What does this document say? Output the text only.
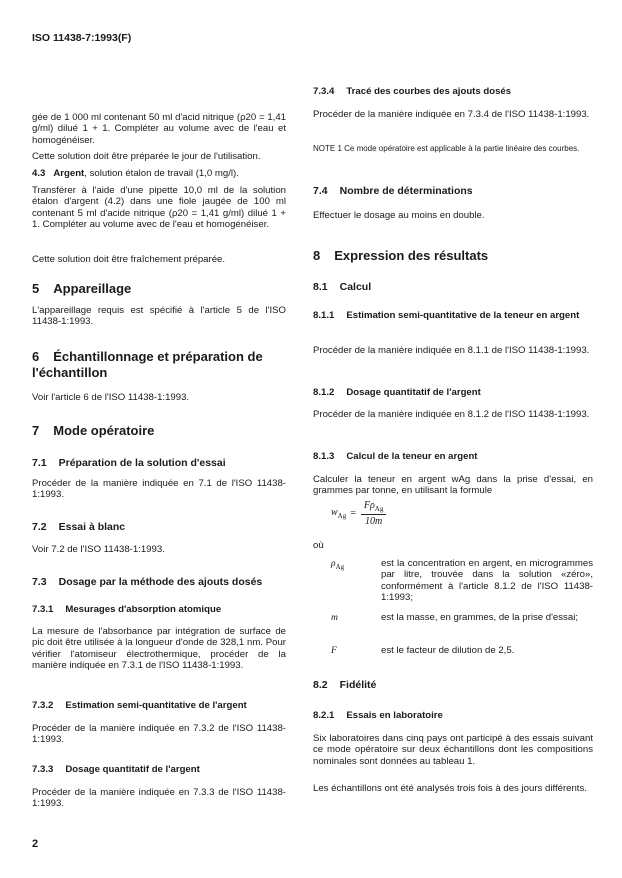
ISO 11438-7:1993(F)
gée de 1 000 ml contenant 50 ml d'acid nitrique (ρ20 = 1,41 g/ml) dilué 1 + 1. Compléter au volume avec de l'eau et homogénéiser.
Cette solution doit être préparée le jour de l'utilisation.
4.3 Argent, solution étalon de travail (1,0 mg/l).
Transférer à l'aide d'une pipette 10,0 ml de la solution étalon d'argent (4.2) dans une fiole jaugée de 100 ml contenant 5 ml d'acide nitrique (ρ20 = 1,41 g/ml) dilué 1 + 1. Compléter au volume avec de l'eau et homogénéiser.
Cette solution doit être fraîchement préparée.
5 Appareillage
L'appareillage requis est spécifié à l'article 5 de l'ISO 11438-1:1993.
6 Échantillonnage et préparation de l'échantillon
Voir l'article 6 de l'ISO 11438-1:1993.
7 Mode opératoire
7.1 Préparation de la solution d'essai
Procéder de la manière indiquée en 7.1 de l'ISO 11438-1:1993.
7.2 Essai à blanc
Voir 7.2 de l'ISO 11438-1:1993.
7.3 Dosage par la méthode des ajouts dosés
7.3.1 Mesurages d'absorption atomique
La mesure de l'absorbance par intégration de surface de pic doit être utilisée à la longueur d'onde de 328,1 nm. Pour vérifier l'atomiseur électrothermique, procéder de la manière indiquée en 7.3.1 de l'ISO 11438-1:1993.
7.3.2 Estimation semi-quantitative de l'argent
Procéder de la manière indiquée en 7.3.2 de l'ISO 11438-1:1993.
7.3.3 Dosage quantitatif de l'argent
Procéder de la manière indiquée en 7.3.3 de l'ISO 11438-1:1993.
2
7.3.4 Tracé des courbes des ajouts dosés
Procéder de la manière indiquée en 7.3.4 de l'ISO 11438-1:1993.
NOTE 1 Ce mode opératoire est applicable à la partie linéaire des courbes.
7.4 Nombre de déterminations
Effectuer le dosage au moins en double.
8 Expression des résultats
8.1 Calcul
8.1.1 Estimation semi-quantitative de la teneur en argent
Procéder de la manière indiquée en 8.1.1 de l'ISO 11438-1:1993.
8.1.2 Dosage quantitatif de l'argent
Procéder de la manière indiquée en 8.1.2 de l'ISO 11438-1:1993.
8.1.3 Calcul de la teneur en argent
Calculer la teneur en argent wAg dans la prise d'essai, en grammes par tonne, en utilisant la formule
$w_{Ag} = \frac{F\rho_{Ag}}{10m}$
où
$\rho_{Ag}$	est la concentration en argent, en microgrammes par litre, trouvée dans la solution «zéro», conformément à l'article 8.1.2 de l'ISO 11438-1:1993;
m	est la masse, en grammes, de la prise d'essai;
F	est le facteur de dilution de 2,5.
8.2 Fidélité
8.2.1 Essais en laboratoire
Six laboratoires dans cinq pays ont participé à des essais suivant ce mode opératoire sur deux échantillons dont les compositions nominales sont données au tableau 1.
Les échantillons ont été analysés trois fois à des jours différents.
